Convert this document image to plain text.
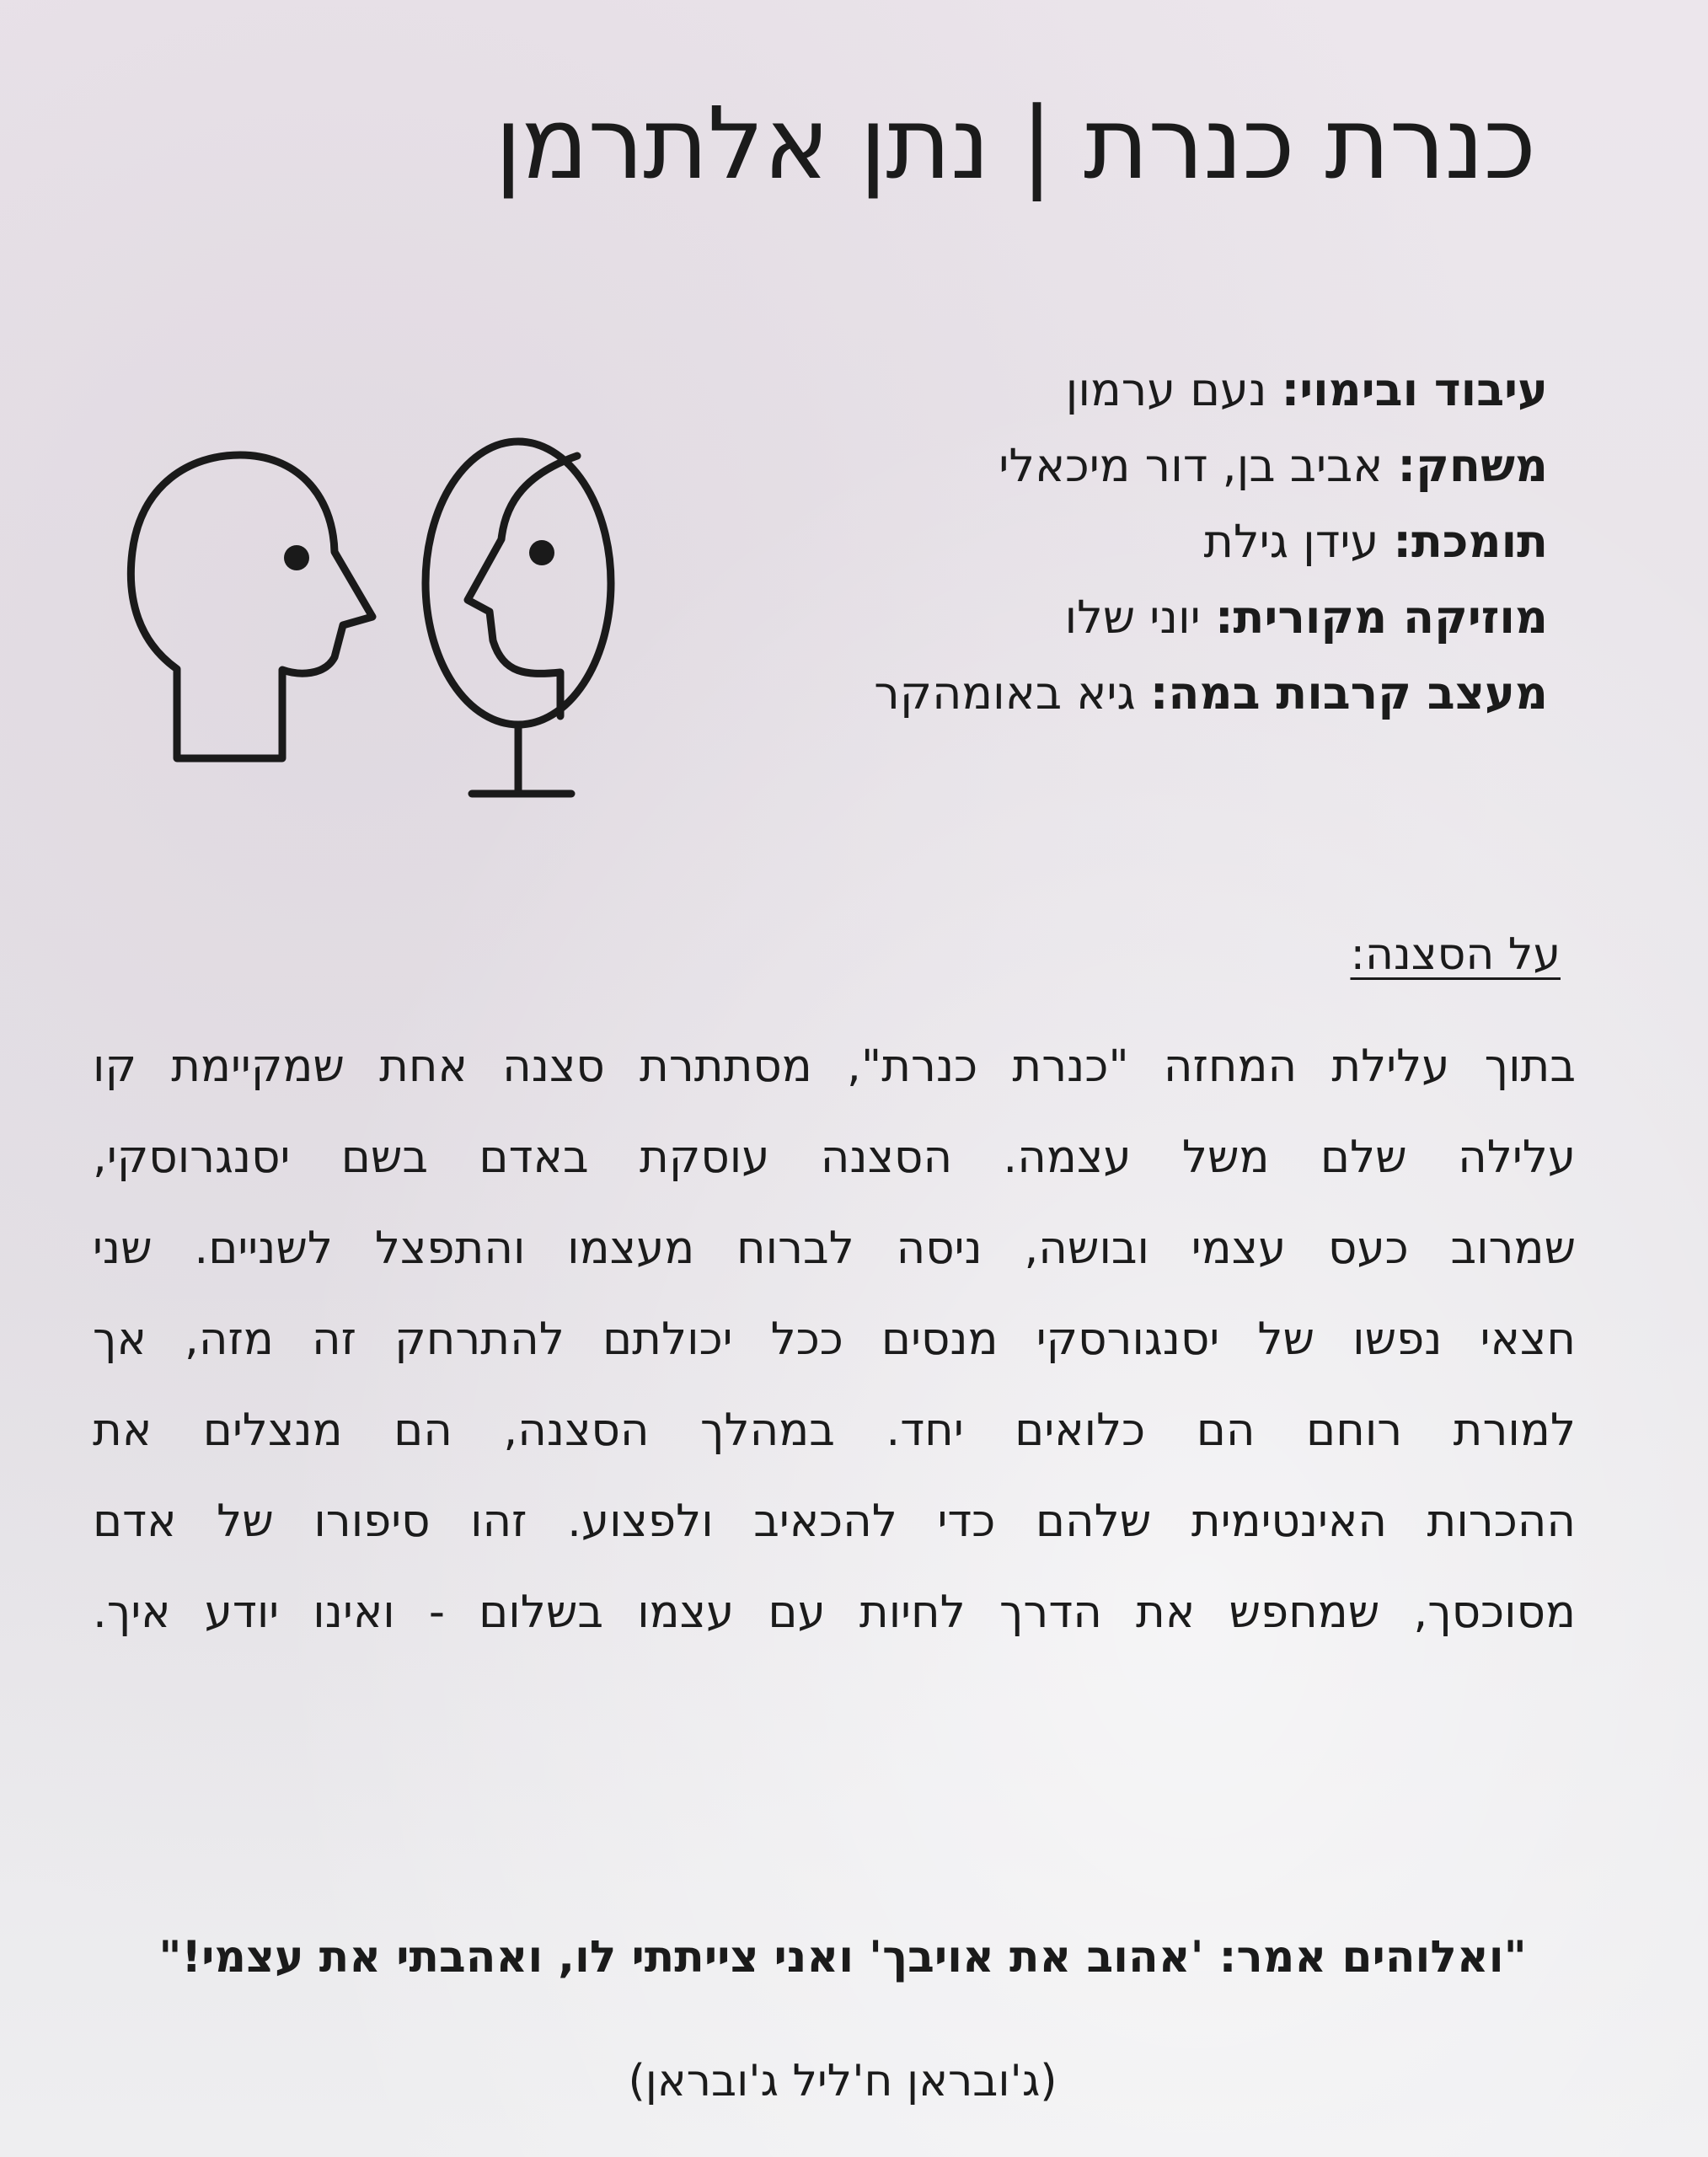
כנרת כנרת | נתן אלתרמן
עיבוד ובימוי: נעם ערמון
משחק: אביב בן, דור מיכאלי
תומכת: עידן גילת
מוזיקה מקורית: יוני שלו
מעצב קרבות במה: גיא באומהקר
על הסצנה:
בתוך עלילת המחזה "כנרת כנרת", מסתתרת סצנה אחת שמקיימת קו
עלילה שלם משל עצמה. הסצנה עוסקת באדם בשם יסנגרוסקי,
שמרוב כעס עצמי ובושה, ניסה לברוח מעצמו והתפצל לשניים. שני
חצאי נפשו של יסנגורסקי מנסים ככל יכולתם להתרחק זה מזה, אך
למורת רוחם הם כלואים יחד. במהלך הסצנה, הם מנצלים את
ההכרות האינטימית שלהם כדי להכאיב ולפצוע. זהו סיפורו של אדם
מסוכסך, שמחפש את הדרך לחיות עם עצמו בשלום - ואינו יודע איך.
"ואלוהים אמר: 'אהוב את אויבך' ואני צייתתי לו, ואהבתי את עצמי!"
(ג'ובראן ח'ליל ג'ובראן)
